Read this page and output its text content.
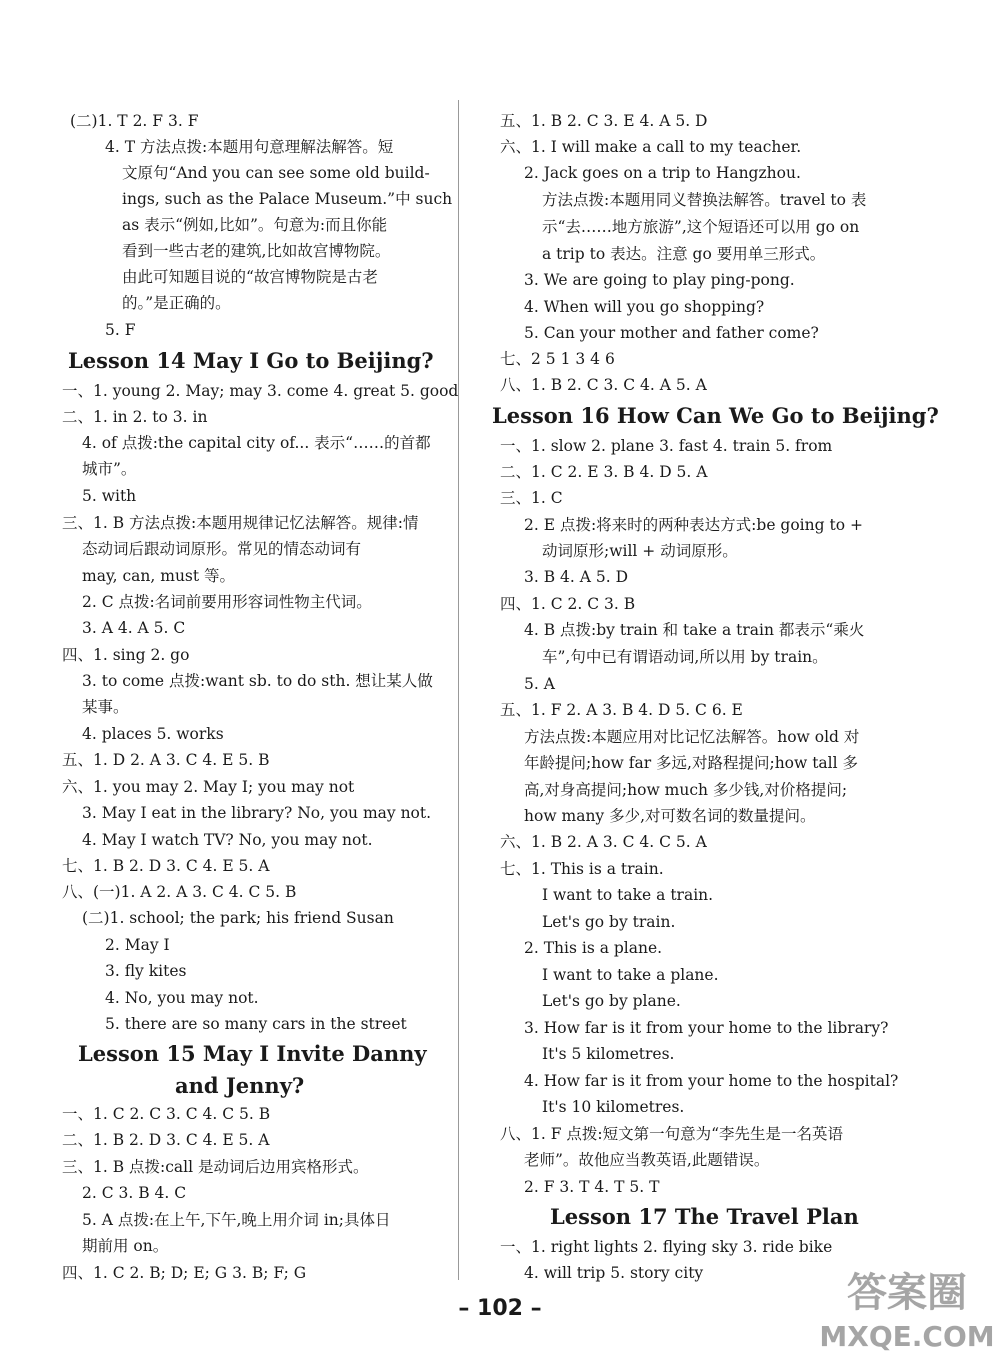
(二)1. T 2. F 3. F
4. T 方法点拨:本题用句意理解法解答。短
文原句“And you can see some old build-
ings, such as the Palace Museum.”中 such
as 表示“例如,比如”。句意为:而且你能
看到一些古老的建筑,比如故宫博物院。
由此可知题目说的“故宫博物院是古老
的。”是正确的。
5. F
一、1. young 2. May; may 3. come 4. great 5. good
二、1. in 2. to 3. in
4. of 点拨:the capital city of... 表示“……的首都
城市”。
5. with
三、1. B 方法点拨:本题用规律记忆法解答。规律:情
态动词后跟动词原形。常见的情态动词有
may, can, must 等。
2. C 点拨:名词前要用形容词性物主代词。
3. A 4. A 5. C
四、1. sing 2. go
3. to come 点拨:want sb. to do sth. 想让某人做
某事。
4. places 5. works
五、1. D 2. A 3. C 4. E 5. B
六、1. you may 2. May I; you may not
3. May I eat in the library? No, you may not.
4. May I watch TV? No, you may not.
七、1. B 2. D 3. C 4. E 5. A
八、(一)1. A 2. A 3. C 4. C 5. B
(二)1. school; the park; his friend Susan
2. May I
3. fly kites
4. No, you may not.
5. there are so many cars in the street
一、1. C 2. C 3. C 4. C 5. B
二、1. B 2. D 3. C 4. E 5. A
三、1. B 点拨:call 是动词后边用宾格形式。
2. C 3. B 4. C
5. A 点拨:在上午,下午,晚上用介词 in;具体日
期前用 on。
四、1. C 2. B; D; E; G 3. B; F; G
Lesson 14 May I Go to Beijing?
Lesson 15 May I Invite Danny
and Jenny?
五、1. B 2. C 3. E 4. A 5. D
六、1. I will make a call to my teacher.
2. Jack goes on a trip to Hangzhou.
方法点拨:本题用同义替换法解答。travel to 表
示“去……地方旅游”,这个短语还可以用 go on
a trip to 表达。注意 go 要用单三形式。
3. We are going to play ping-pong.
4. When will you go shopping?
5. Can your mother and father come?
七、2 5 1 3 4 6
八、1. B 2. C 3. C 4. A 5. A
一、1. slow 2. plane 3. fast 4. train 5. from
二、1. C 2. E 3. B 4. D 5. A
三、1. C
2. E 点拨:将来时的两种表达方式:be going to +
动词原形;will + 动词原形。
3. B 4. A 5. D
四、1. C 2. C 3. B
4. B 点拨:by train 和 take a train 都表示“乘火
车”,句中已有谓语动词,所以用 by train。
5. A
五、1. F 2. A 3. B 4. D 5. C 6. E
方法点拨:本题应用对比记忆法解答。how old 对
年龄提问;how far 多远,对路程提问;how tall 多
高,对身高提问;how much 多少钱,对价格提问;
how many 多少,对可数名词的数量提问。
六、1. B 2. A 3. C 4. C 5. A
七、1. This is a train.
I want to take a train.
Let's go by train.
2. This is a plane.
I want to take a plane.
Let's go by plane.
3. How far is it from your home to the library?
It's 5 kilometres.
4. How far is it from your home to the hospital?
It's 10 kilometres.
八、1. F 点拨:短文第一句意为“李先生是一名英语
老师”。故他应当教英语,此题错误。
2. F 3. T 4. T 5. T
一、1. right lights 2. flying sky 3. ride bike
4. will trip 5. story city
Lesson 16 How Can We Go to Beijing?
Lesson 17 The Travel Plan
– 102 –	答案圈
MXQE.COM
